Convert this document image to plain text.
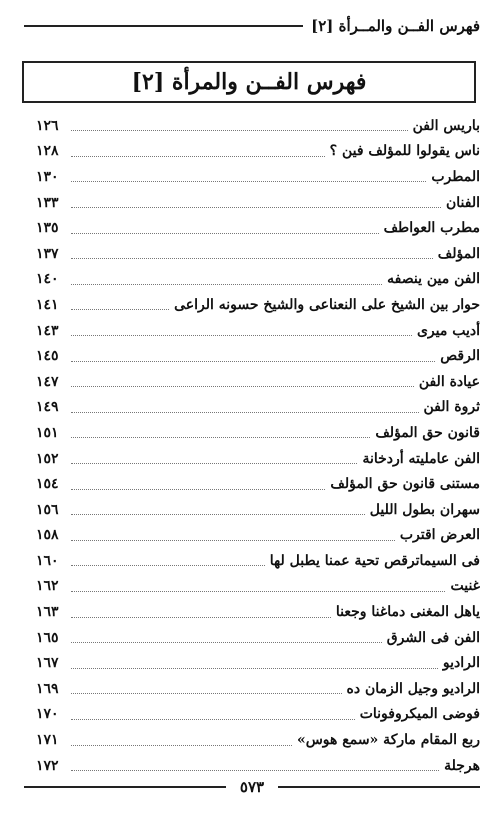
فهرس الفــن والمــرأة [٢]
فهرس الفــن والمرأة [٢]
باريس الفن
١٢٦
ناس يقولوا للمؤلف فين ؟
١٢٨
المطرب
١٣٠
الفنان
١٣٣
مطرب العواطف
١٣٥
المؤلف
١٣٧
الفن مين ينصفه
١٤٠
حوار بين الشيخ على النعناعى والشيخ حسونه الراعى
١٤١
أديب ميرى
١٤٣
الرقص
١٤٥
عيادة الفن
١٤٧
ثروة الفن
١٤٩
قانون حق المؤلف
١٥١
الفن عامليته أردخانة
١٥٢
مستنى قانون حق المؤلف
١٥٤
سهران بطول الليل
١٥٦
العرض اقترب
١٥٨
فى السيماترقص تحية عمنا يطبل لها
١٦٠
غنيت
١٦٢
ياهل المغنى دماغنا وجعنا
١٦٣
الفن فى الشرق
١٦٥
الراديو
١٦٧
الراديو وجيل الزمان ده
١٦٩
فوضى الميكروفونات
١٧٠
ربع المقام ماركة «سمع هوس»
١٧١
هرجلة
١٧٢
٥٧٣
